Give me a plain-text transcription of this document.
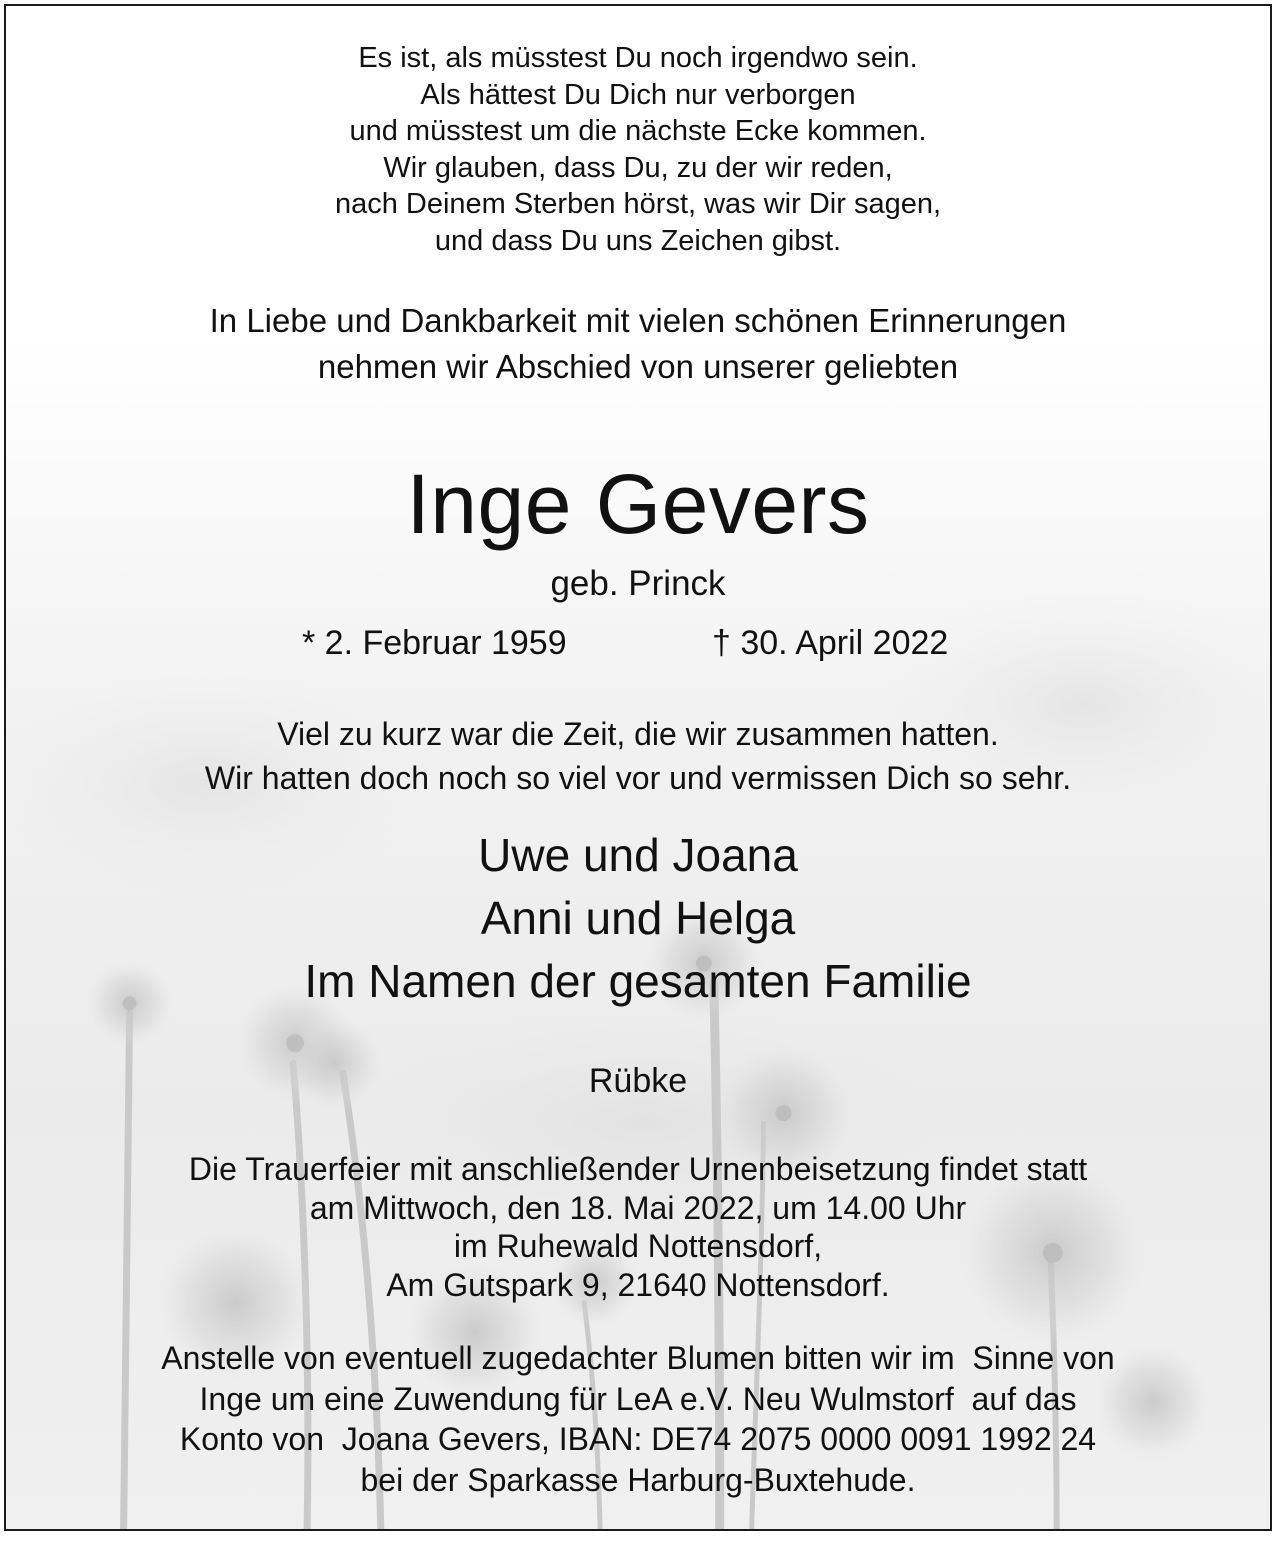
Es ist, als müsstest Du noch irgendwo sein.
Als hättest Du Dich nur verborgen
und müsstest um die nächste Ecke kommen.
Wir glauben, dass Du, zu der wir reden,
nach Deinem Sterben hörst, was wir Dir sagen,
und dass Du uns Zeichen gibst.
In Liebe und Dankbarkeit mit vielen schönen Erinnerungen
nehmen wir Abschied von unserer geliebten
Inge Gevers
geb. Princk
* 2. Februar 1959	† 30. April 2022
Viel zu kurz war die Zeit, die wir zusammen hatten.
Wir hatten doch noch so viel vor und vermissen Dich so sehr.
Uwe und Joana
Anni und Helga
Im Namen der gesamten Familie
Rübke
Die Trauerfeier mit anschließender Urnenbeisetzung findet statt
am Mittwoch, den 18. Mai 2022, um 14.00 Uhr
im Ruhewald Nottensdorf,
Am Gutspark 9, 21640 Nottensdorf.
Anstelle von eventuell zugedachter Blumen bitten wir im  Sinne von
Inge um eine Zuwendung für LeA e.V. Neu Wulmstorf  auf das
Konto von  Joana Gevers, IBAN: DE74 2075 0000 0091 1992 24
bei der Sparkasse Harburg-Buxtehude.
